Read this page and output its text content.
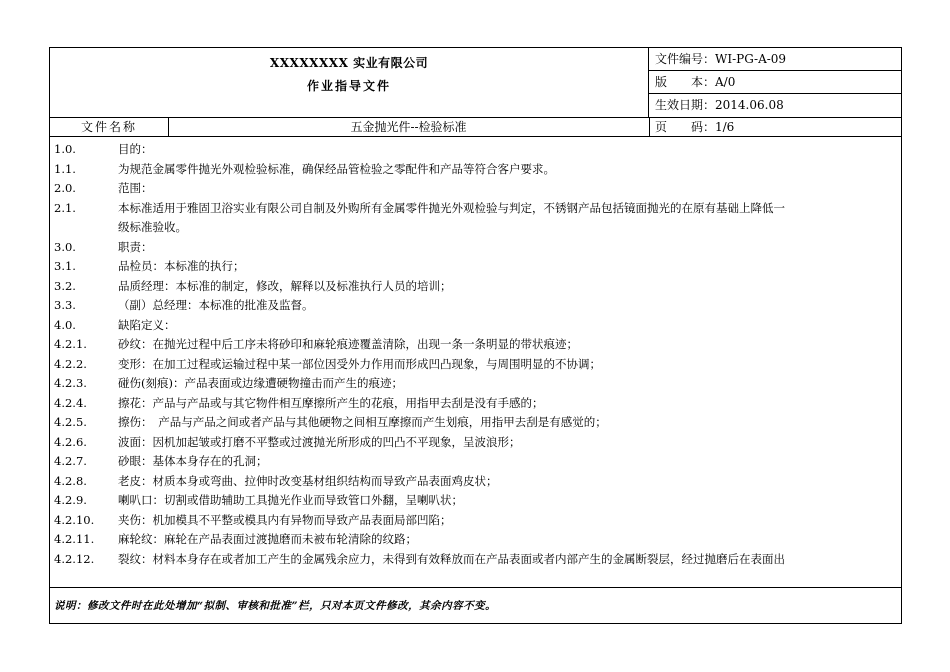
XXXXXXXX 实业有限公司
作业指导文件
文件编号：WI-PG-A-09
版　　本：A/0
生效日期：2014.06.08
文件名称	五金抛光件--检验标准	页　　码：1/6
1.0.	目的：
1.1.	为规范金属零件抛光外观检验标准，确保经品管检验之零配件和产品等符合客户要求。
2.0.	范围：
2.1.	本标准适用于雅固卫浴实业有限公司自制及外购所有金属零件抛光外观检验与判定，不锈钢产品包括镜面抛光的在原有基础上降低一
级标准验收。
3.0.	职责：
3.1.	品检员：本标准的执行；
3.2.	品质经理：本标准的制定，修改，解释以及标准执行人员的培训；
3.3.	（副）总经理：本标准的批准及监督。
4.0.	缺陷定义：
4.2.1.	砂纹：在抛光过程中后工序未将砂印和麻轮痕迹覆盖清除，出现一条一条明显的带状痕迹；
4.2.2.	变形：在加工过程或运输过程中某一部位因受外力作用而形成凹凸现象，与周围明显的不协调；
4.2.3.	碰伤(刻痕)：产品表面或边缘遭硬物撞击而产生的痕迹；
4.2.4.	擦花：产品与产品或与其它物件相互摩擦所产生的花痕，用指甲去刮是没有手感的；
4.2.5.	擦伤：　产品与产品之间或者产品与其他硬物之间相互摩擦而产生划痕，用指甲去刮是有感觉的；
4.2.6.	波面：因机加起皱或打磨不平整或过渡抛光所形成的凹凸不平现象，呈波浪形；
4.2.7.	砂眼：基体本身存在的孔洞；
4.2.8.	老皮：材质本身或弯曲、拉伸时改变基材组织结构而导致产品表面鸡皮状；
4.2.9.	喇叭口：切割或借助辅助工具抛光作业而导致管口外翻，呈喇叭状；
4.2.10. 夹伤：机加模具不平整或模具内有异物而导致产品表面局部凹陷；
4.2.11. 麻轮纹：麻轮在产品表面过渡抛磨而未被布轮清除的纹路；
4.2.12. 裂纹：材料本身存在或者加工产生的金属残余应力，未得到有效释放而在产品表面或者内部产生的金属断裂层，经过抛磨后在表面出
说明：修改文件时在此处增加“拟制、审核和批准”栏，只对本页文件修改，其余内容不变。
